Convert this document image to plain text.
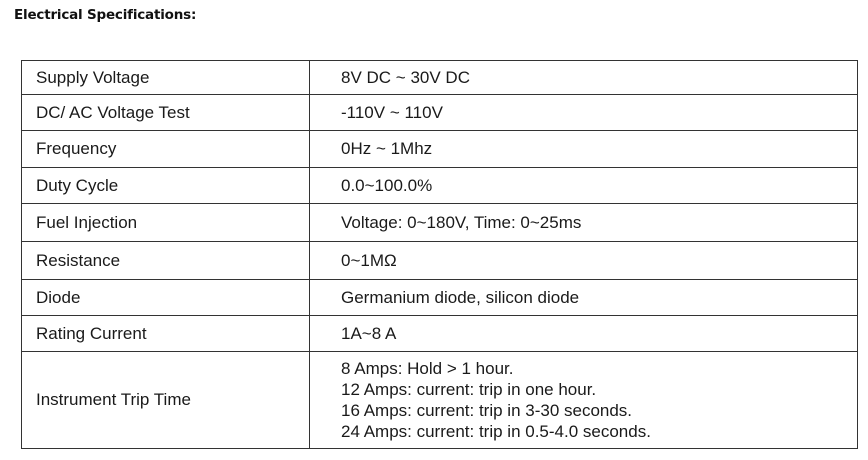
Electrical Specifications:
Supply Voltage	8V DC ~ 30V DC
DC/ AC Voltage Test	-110V ~ 110V
Frequency	0Hz ~ 1Mhz
Duty Cycle	0.0~100.0%
Fuel Injection	Voltage: 0~180V, Time: 0~25ms
Resistance	0~1MΩ
Diode	Germanium diode, silicon diode
Rating Current	1A~8 A
Instrument Trip Time	8 Amps: Hold > 1 hour.
12 Amps: current: trip in one hour.
16 Amps: current: trip in 3-30 seconds.
24 Amps: current: trip in 0.5-4.0 seconds.
